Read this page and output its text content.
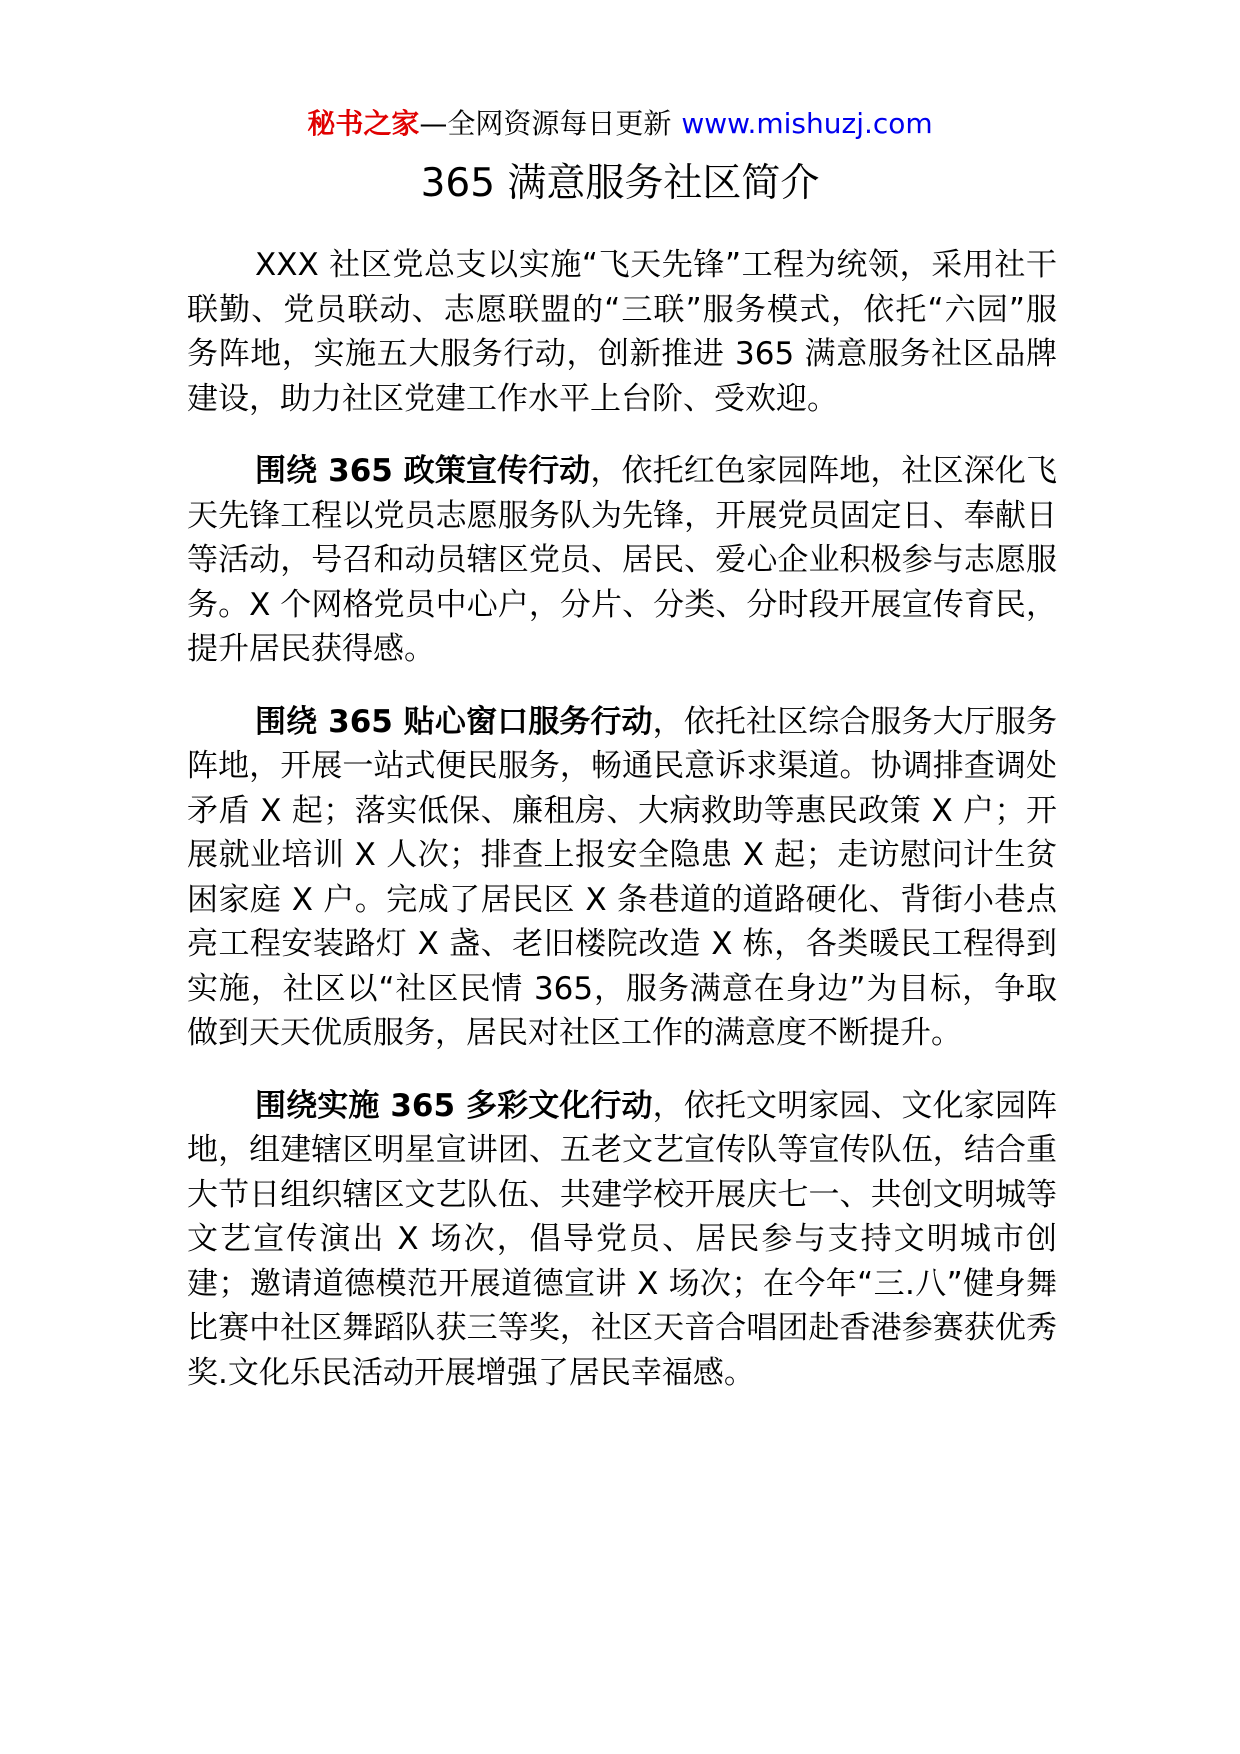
秘书之家—全网资源每日更新 www.mishuzj.com
365 满意服务社区简介

XXX 社区党总支以实施“飞天先锋”工程为统领，采用社干联勤、党员联动、志愿联盟的“三联”服务模式，依托“六园”服务阵地，实施五大服务行动，创新推进 365 满意服务社区品牌建设，助力社区党建工作水平上台阶、受欢迎。

围绕 365 政策宣传行动，依托红色家园阵地，社区深化飞天先锋工程以党员志愿服务队为先锋，开展党员固定日、奉献日等活动，号召和动员辖区党员、居民、爱心企业积极参与志愿服务。X 个网格党员中心户，分片、分类、分时段开展宣传育民，提升居民获得感。

围绕 365 贴心窗口服务行动，依托社区综合服务大厅服务阵地，开展一站式便民服务，畅通民意诉求渠道。协调排查调处矛盾 X 起；落实低保、廉租房、大病救助等惠民政策 X 户；开展就业培训 X 人次；排查上报安全隐患 X 起；走访慰问计生贫困家庭 X 户。完成了居民区 X 条巷道的道路硬化、背街小巷点亮工程安装路灯 X 盏、老旧楼院改造 X 栋，各类暖民工程得到实施，社区以“社区民情 365，服务满意在身边”为目标，争取做到天天优质服务，居民对社区工作的满意度不断提升。

围绕实施 365 多彩文化行动，依托文明家园、文化家园阵地，组建辖区明星宣讲团、五老文艺宣传队等宣传队伍，结合重大节日组织辖区文艺队伍、共建学校开展庆七一、共创文明城等文艺宣传演出 X 场次，倡导党员、居民参与支持文明城市创建；邀请道德模范开展道德宣讲 X 场次；在今年“三.八”健身舞比赛中社区舞蹈队获三等奖，社区天音合唱团赴香港参赛获优秀奖.文化乐民活动开展增强了居民幸福感。
